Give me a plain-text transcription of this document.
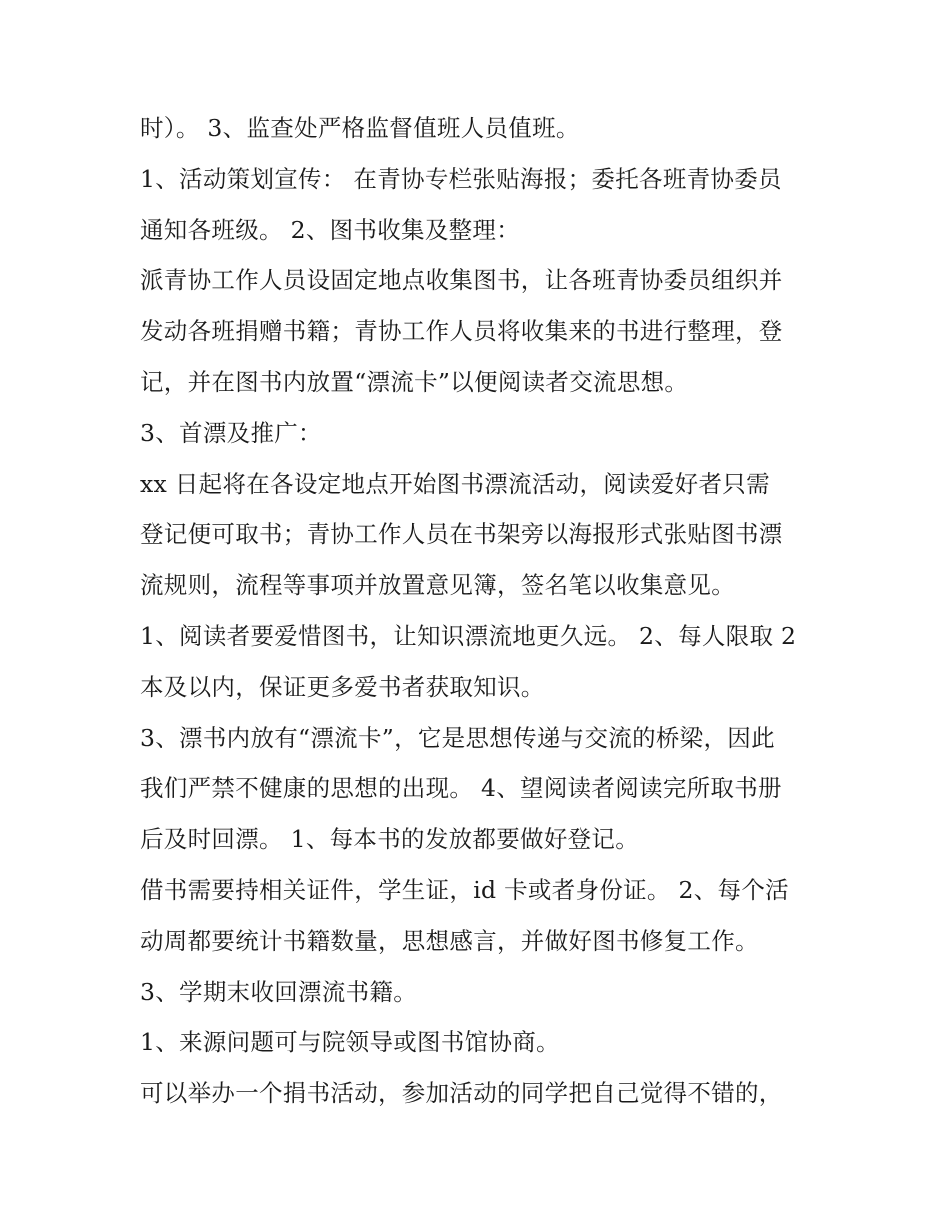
时）。 3、监查处严格监督值班人员值班。
1、活动策划宣传： 在青协专栏张贴海报；委托各班青协委员
通知各班级。 2、图书收集及整理：
派青协工作人员设固定地点收集图书，让各班青协委员组织并
发动各班捐赠书籍；青协工作人员将收集来的书进行整理，登
记，并在图书内放置“漂流卡”以便阅读者交流思想。
3、首漂及推广：
xx 日起将在各设定地点开始图书漂流活动，阅读爱好者只需
登记便可取书；青协工作人员在书架旁以海报形式张贴图书漂
流规则，流程等事项并放置意见簿，签名笔以收集意见。
1、阅读者要爱惜图书，让知识漂流地更久远。 2、每人限取 2
本及以内，保证更多爱书者获取知识。
3、漂书内放有“漂流卡”，它是思想传递与交流的桥梁，因此
我们严禁不健康的思想的出现。 4、望阅读者阅读完所取书册
后及时回漂。 1、每本书的发放都要做好登记。
借书需要持相关证件，学生证，id 卡或者身份证。 2、每个活
动周都要统计书籍数量，思想感言，并做好图书修复工作。
3、学期末收回漂流书籍。
1、来源问题可与院领导或图书馆协商。
可以举办一个捐书活动，参加活动的同学把自己觉得不错的，
